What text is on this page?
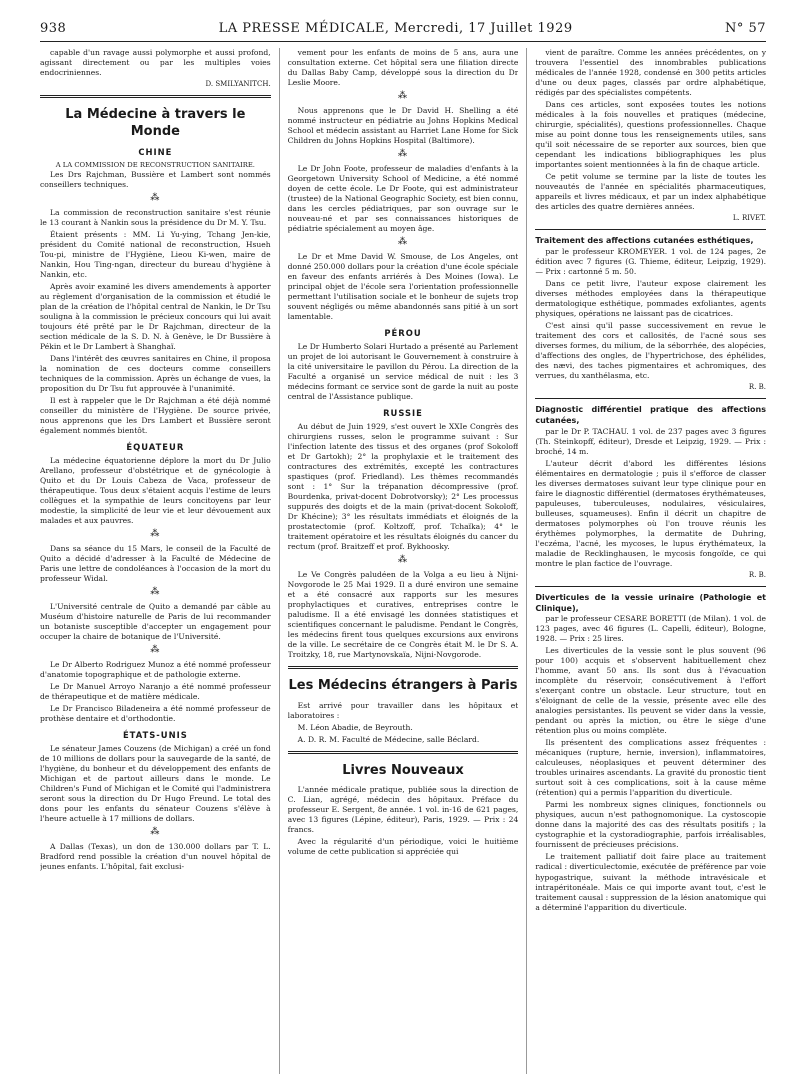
938	LA PRESSE MÉDICALE, Mercredi, 17 Juillet 1929	N° 57

capable d'un ravage aussi polymorphe et aussi profond, agissant directement ou par les multiples voies endocriniennes.

D. SMILYANITCH.
La Médecine à travers le Monde
CHINE
A LA COMMISSION DE RECONSTRUCTION SANITAIRE.

Les Drs Rajchman, Bussière et Lambert sont nommés conseillers techniques.

⁂

La commission de reconstruction sanitaire s'est réunie le 13 courant à Nankin sous la présidence du Dr M. Y. Tsu.

Étaient présents : MM. Li Yu-ying, Tchang Jen-kie, président du Comité national de reconstruction, Hsueh Tou-pi, ministre de l'Hygiène, Lieou Ki-wen, maire de Nankin, Hou Ting-ngan, directeur du bureau d'hygiène à Nankin, etc.

Après avoir examiné les divers amendements à apporter au règlement d'organisation de la commission et étudié le plan de la création de l'hôpital central de Nankin, le Dr Tsu souligna à la commission le précieux concours qui lui avait toujours été prêté par le Dr Rajchman, directeur de la section médicale de la S. D. N. à Genève, le Dr Bussière à Pékin et le Dr Lambert à Shanghaï.

Dans l'intérêt des œuvres sanitaires en Chine, il proposa la nomination de ces docteurs comme conseillers techniques de la commission. Après un échange de vues, la proposition du Dr Tsu fut approuvée à l'unanimité.

Il est à rappeler que le Dr Rajchman a été déjà nommé conseiller du ministère de l'Hygiène. De source privée, nous apprenons que les Drs Lambert et Bussière seront également nommés bientôt.

ÉQUATEUR

La médecine équatorienne déplore la mort du Dr Julio Arellano, professeur d'obstétrique et de gynécologie à Quito et du Dr Louis Cabeza de Vaca, professeur de thérapeutique. Tous deux s'étaient acquis l'estime de leurs collègues et la sympathie de leurs concitoyens par leur modestie, la simplicité de leur vie et leur dévouement aux malades et aux pauvres.

⁂

Dans sa séance du 15 Mars, le conseil de la Faculté de Quito a décidé d'adresser à la Faculté de Médecine de Paris une lettre de condoléances à l'occasion de la mort du professeur Widal.

⁂

L'Université centrale de Quito a demandé par câble au Muséum d'histoire naturelle de Paris de lui recommander un botaniste susceptible d'accepter un engagement pour occuper la chaire de botanique de l'Université.

⁂

Le Dr Alberto Rodriguez Munoz a été nommé professeur d'anatomie topographique et de pathologie externe.

Le Dr Manuel Arroyo Naranjo a été nommé professeur de thérapeutique et de matière médicale.

Le Dr Francisco Biladeneira a été nommé professeur de prothèse dentaire et d'orthodontie.

ÉTATS-UNIS

Le sénateur James Couzens (de Michigan) a créé un fond de 10 millions de dollars pour la sauvegarde de la santé, de l'hygiène, du bonheur et du développement des enfants de Michigan et de partout ailleurs dans le monde. Le Children's Fund of Michigan et le Comité qui l'administrera seront sous la direction du Dr Hugo Freund. Le total des dons pour les enfants du sénateur Couzens s'élève à l'heure actuelle à 17 millions de dollars.

⁂

A Dallas (Texas), un don de 130.000 dollars par T. L. Bradford rend possible la création d'un nouvel hôpital de jeunes enfants. L'hôpital, fait exclusi-

vement pour les enfants de moins de 5 ans, aura une consultation externe. Cet hôpital sera une filiation directe du Dallas Baby Camp, développé sous la direction du Dr Leslie Moore.

⁂

Nous apprenons que le Dr David H. Shelling a été nommé instructeur en pédiatrie au Johns Hopkins Medical School et médecin assistant au Harriet Lane Home for Sick Children du Johns Hopkins Hospital (Baltimore).

⁂

Le Dr John Foote, professeur de maladies d'enfants à la Georgetown University School of Medicine, a été nommé doyen de cette école. Le Dr Foote, qui est administrateur (trustee) de la National Geographic Society, est bien connu, dans les cercles pédiatriques, par son ouvrage sur le nouveau-né et par ses connaissances historiques de pédiatrie spécialement au moyen âge.

⁂

Le Dr et Mme David W. Smouse, de Los Angeles, ont donné 250.000 dollars pour la création d'une école spéciale en faveur des enfants arriérés à Des Moines (Iowa). Le principal objet de l'école sera l'orientation professionnelle permettant l'utilisation sociale et le bonheur de sujets trop souvent négligés ou même abandonnés sans pitié à un sort lamentable.

PÉROU

Le Dr Humberto Solari Hurtado a présenté au Parlement un projet de loi autorisant le Gouvernement à construire à la cité universitaire le pavillon du Pérou. La direction de la Faculté a organisé un service médical de nuit : les 3 médecins formant ce service sont de garde la nuit au poste central de l'Assistance publique.

RUSSIE

Au début de Juin 1929, s'est ouvert le XXIe Congrès des chirurgiens russes, selon le programme suivant : Sur l'infection latente des tissus et des organes (prof Sokoloff et Dr Gartokh); 2° la prophylaxie et le traitement des contractures des extrémités, excepté les contractures spastiques (prof. Friedland). Les thèmes recommandés sont : 1° Sur la trépanation décompressive (prof. Bourdenka, privat-docent Dobrotvorsky); 2° Les processus suppurés des doigts et de la main (privat-docent Sokoloff, Dr Khécine); 3° les résultats immédiats et éloignés de la prostatectomie (prof. Koltzoff, prof. Tchaïka); 4° le traitement opératoire et les résultats éloignés du cancer du rectum (prof. Braitzeff et prof. Bykhoosky.

⁂

Le Ve Congrès paludéen de la Volga a eu lieu à Nijni-Novgorode le 25 Mai 1929. Il a duré environ une semaine et a été consacré aux rapports sur les mesures prophylactiques et curatives, entreprises contre le paludisme. Il a été envisagé les données statistiques et scientifiques concernant le paludisme. Pendant le Congrès, les médecins firent tous quelques excursions aux environs de la ville. Le secrétaire de ce Congrès était M. le Dr S. A. Troitzky, 18, rue Martynovskaïa, Nijni-Novgorode.

Les Médecins étrangers à Paris

Est arrivé pour travailler dans les hôpitaux et laboratoires :

M. Léon Abadie, de Beyrouth.

A. D. R. M. Faculté de Médecine, salle Béclard.

Livres Nouveaux

L'année médicale pratique, publiée sous la direction de C. Lian, agrégé, médecin des hôpitaux. Préface du professeur E. Sergent, 8e année. 1 vol. in-16 de 621 pages, avec 13 figures (Lépine, éditeur), Paris, 1929. — Prix : 24 francs.

Avec la régularité d'un périodique, voici le huitième volume de cette publication si appréciée qui

vient de paraître. Comme les années précédentes, on y trouvera l'essentiel des innombrables publications médicales de l'année 1928, condensé en 300 petits articles d'une ou deux pages, classés par ordre alphabétique, rédigés par des spécialistes compétents.

Dans ces articles, sont exposées toutes les notions médicales à la fois nouvelles et pratiques (médecine, chirurgie, spécialités), questions professionnelles. Chaque mise au point donne tous les renseignements utiles, sans qu'il soit nécessaire de se reporter aux sources, bien que cependant les indications bibliographiques les plus importantes soient mentionnées à la fin de chaque article.

Ce petit volume se termine par la liste de toutes les nouveautés de l'année en spécialités pharmaceutiques, appareils et livres médicaux, et par un index alphabétique des articles des quatre dernières années.

L. RIVET.
Traitement des affections cutanées esthétiques,

par le professeur KROMEYER. 1 vol. de 124 pages, 2e édition avec 7 figures (G. Thieme, éditeur, Leipzig, 1929). — Prix : cartonné 5 m. 50.

Dans ce petit livre, l'auteur expose clairement les diverses méthodes employées dans la thérapeutique dermatologique esthétique, pommades exfoliantes, agents physiques, opérations ne laissant pas de cicatrices.

C'est ainsi qu'il passe successivement en revue le traitement des cors et callosités, de l'acné sous ses diverses formes, du milium, de la séborrhée, des alopécies, d'affections des ongles, de l'hypertrichose, des éphélides, des nævi, des taches pigmentaires et achromiques, des verrues, du xanthélasma, etc.

R. B.
Diagnostic différentiel pratique des affections cutanées,

par le Dr P. TACHAU. 1 vol. de 237 pages avec 3 figures (Th. Steinkopff, éditeur), Dresde et Leipzig, 1929. — Prix : broché, 14 m.

L'auteur décrit d'abord les différentes lésions élémentaires en dermatologie ; puis il s'efforce de classer les diverses dermatoses suivant leur type clinique pour en faire le diagnostic différentiel (dermatoses érythémateuses, papuleuses, tuberculeuses, nodulaires, vésiculaires, bulleuses, squameuses). Enfin il décrit un chapitre de dermatoses polymorphes où l'on trouve réunis les érythèmes polymorphes, la dermatite de Duhring, l'eczéma, l'acné, les mycoses, le lupus érythémateux, la maladie de Recklinghausen, le mycosis fongoïde, ce qui montre le plan factice de l'ouvrage.

R. B.
Diverticules de la vessie urinaire (Pathologie et Clinique),

par le professeur CESARE BORETTI (de Milan). 1 vol. de 123 pages, avec 46 figures (L. Capelli, éditeur), Bologne, 1928. — Prix : 25 lires.

Les diverticules de la vessie sont le plus souvent (96 pour 100) acquis et s'observent habituellement chez l'homme, avant 50 ans. Ils sont dus à l'évacuation incomplète du réservoir, consécutivement à l'effort s'exerçant contre un obstacle. Leur structure, tout en s'éloignant de celle de la vessie, présente avec elle des analogies persistantes. Ils peuvent se vider dans la vessie, pendant ou après la miction, ou être le siège d'une rétention plus ou moins complète.

Ils présentent des complications assez fréquentes : mécaniques (rupture, hernie, inversion), inflammatoires, calculeuses, néoplasiques et peuvent déterminer des troubles urinaires ascendants. La gravité du pronostic tient surtout soit à ces complications, soit à la cause même (rétention) qui a permis l'apparition du diverticule.

Parmi les nombreux signes cliniques, fonctionnels ou physiques, aucun n'est pathognomonique. La cystoscopie donne dans la majorité des cas des résultats positifs ; la cystographie et la cystoradiographie, parfois irréalisables, fournissent de précieuses précisions.

Le traitement palliatif doit faire place au traitement radical : diverticulectomie, exécutée de préférence par voie hypogastrique, suivant la méthode intravésicale et intrapéritonéale. Mais ce qui importe avant tout, c'est le traitement causal : suppression de la lésion anatomique qui a déterminé l'apparition du diverticule.
